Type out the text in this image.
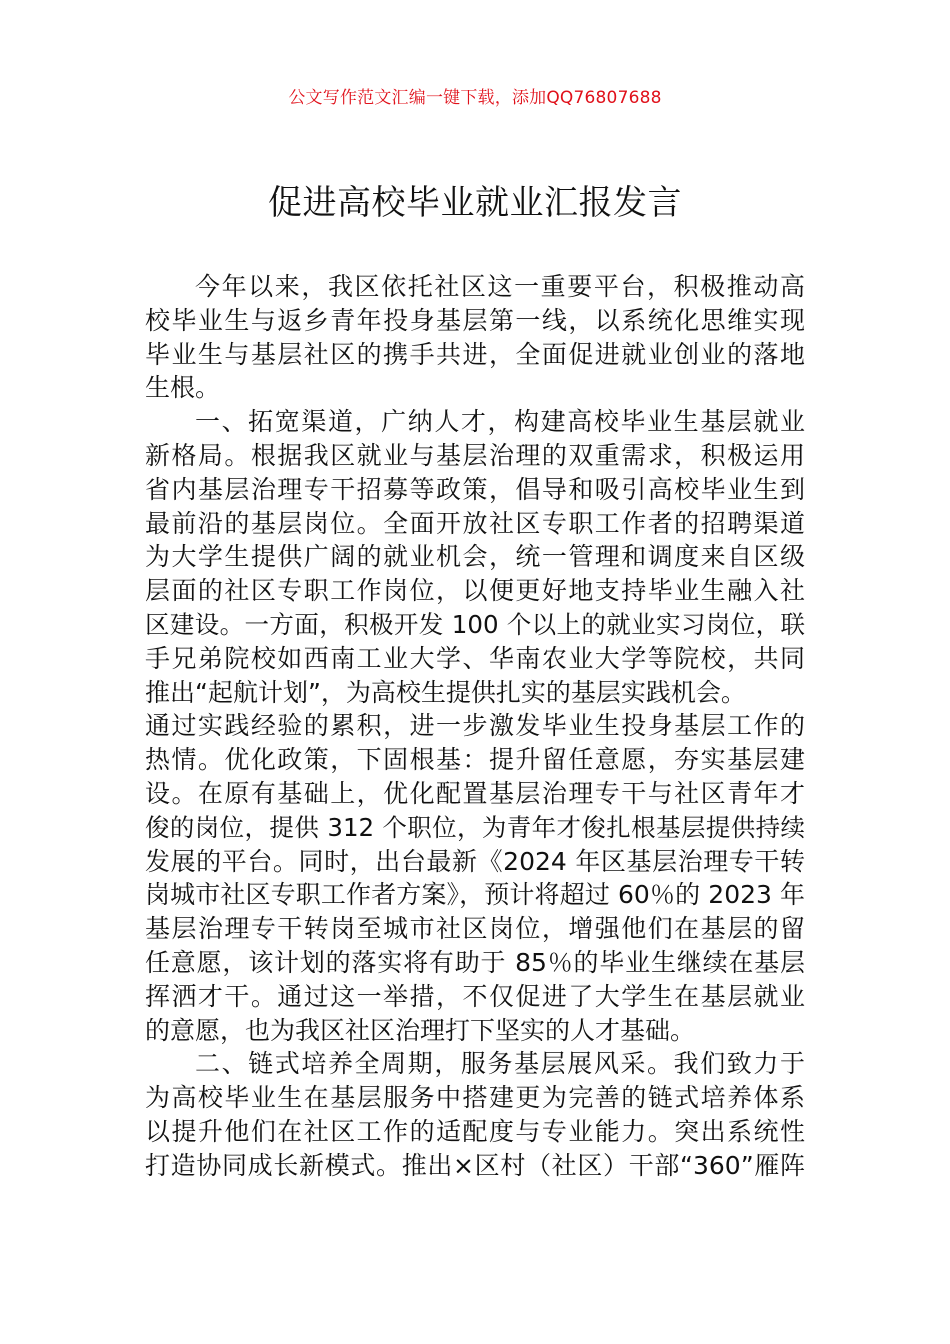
公文写作范文汇编一键下载，添加QQ76807688
促进高校毕业就业汇报发言
今年以来，我区依托社区这一重要平台，积极推动高
校毕业生与返乡青年投身基层第一线，以系统化思维实现
毕业生与基层社区的携手共进，全面促进就业创业的落地
生根。
一、拓宽渠道，广纳人才，构建高校毕业生基层就业
新格局。根据我区就业与基层治理的双重需求，积极运用
省内基层治理专干招募等政策，倡导和吸引高校毕业生到
最前沿的基层岗位。全面开放社区专职工作者的招聘渠道
为大学生提供广阔的就业机会，统一管理和调度来自区级
层面的社区专职工作岗位，以便更好地支持毕业生融入社
区建设。一方面，积极开发 100 个以上的就业实习岗位，联
手兄弟院校如西南工业大学、华南农业大学等院校，共同
推出“起航计划”，为高校生提供扎实的基层实践机会。
通过实践经验的累积，进一步激发毕业生投身基层工作的
热情。优化政策，下固根基：提升留任意愿，夯实基层建
设。在原有基础上，优化配置基层治理专干与社区青年才
俊的岗位，提供 312 个职位，为青年才俊扎根基层提供持续
发展的平台。同时，出台最新《2024 年区基层治理专干转
岗城市社区专职工作者方案》，预计将超过 60％的 2023 年
基层治理专干转岗至城市社区岗位，增强他们在基层的留
任意愿，该计划的落实将有助于 85％的毕业生继续在基层
挥洒才干。通过这一举措，不仅促进了大学生在基层就业
的意愿，也为我区社区治理打下坚实的人才基础。
二、链式培养全周期，服务基层展风采。我们致力于
为高校毕业生在基层服务中搭建更为完善的链式培养体系
以提升他们在社区工作的适配度与专业能力。突出系统性
打造协同成长新模式。推出×区村（社区）干部“360”雁阵
